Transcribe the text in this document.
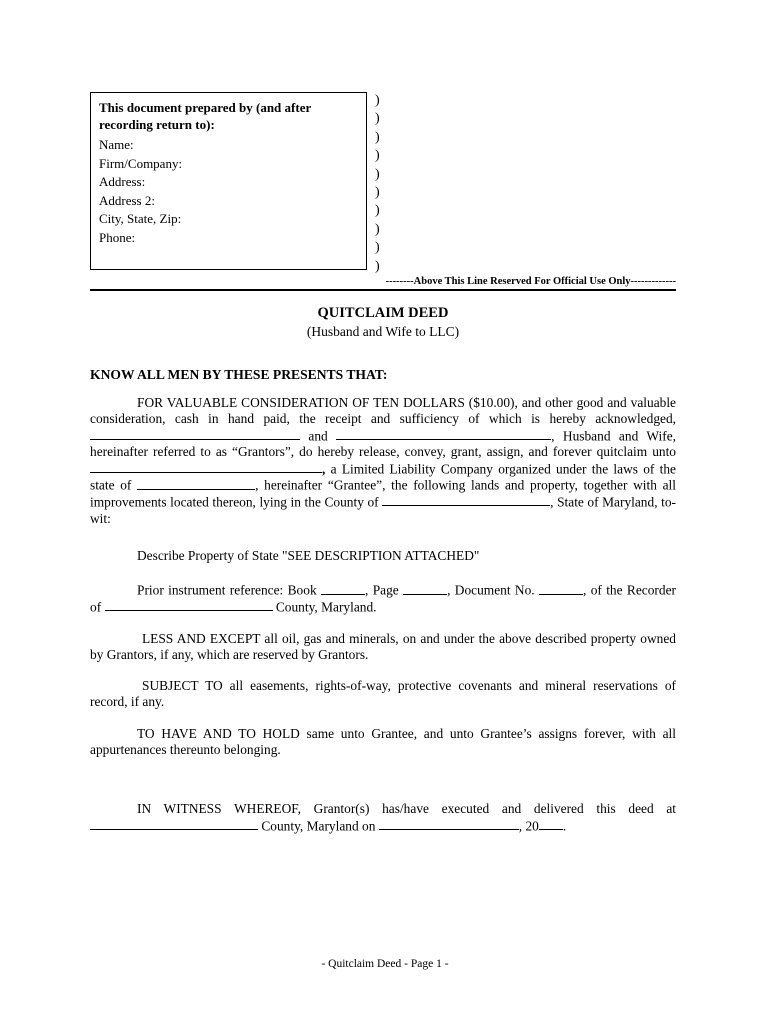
This document prepared by (and after recording return to):
Name:
Firm/Company:
Address:
Address 2:
City, State, Zip:
Phone:
)
)
)
)
)
)
)
)
)
)
--------Above This Line Reserved For Official Use Only-------------
QUITCLAIM DEED
(Husband and Wife to LLC)
KNOW ALL MEN BY THESE PRESENTS THAT:

FOR VALUABLE CONSIDERATION OF TEN DOLLARS ($10.00), and other good and valuable consideration, cash in hand paid, the receipt and sufficiency of which is hereby acknowledged,  and	, Husband and Wife, hereinafter referred to as “Grantors”, do hereby release, convey, grant, assign, and forever quitclaim unto , a Limited Liability Company organized under the laws of the state of	, hereinafter “Grantee”, the following lands and property, together with all improvements located thereon, lying in the County of	, State of Maryland, to-wit:

Describe Property of State "SEE DESCRIPTION ATTACHED"

Prior instrument reference: Book	, Page	, Document No.	, of the Recorder of	County, Maryland.

LESS AND EXCEPT all oil, gas and minerals, on and under the above described property owned by Grantors, if any, which are reserved by Grantors.

SUBJECT TO all easements, rights-of-way, protective covenants and mineral reservations of record, if any.

TO HAVE AND TO HOLD same unto Grantee, and unto Grantee’s assigns forever, with all appurtenances thereunto belonging.

IN WITNESS WHEREOF, Grantor(s) has/have executed and delivered this deed at  County, Maryland on	, 20 .

- Quitclaim Deed - Page 1 -
